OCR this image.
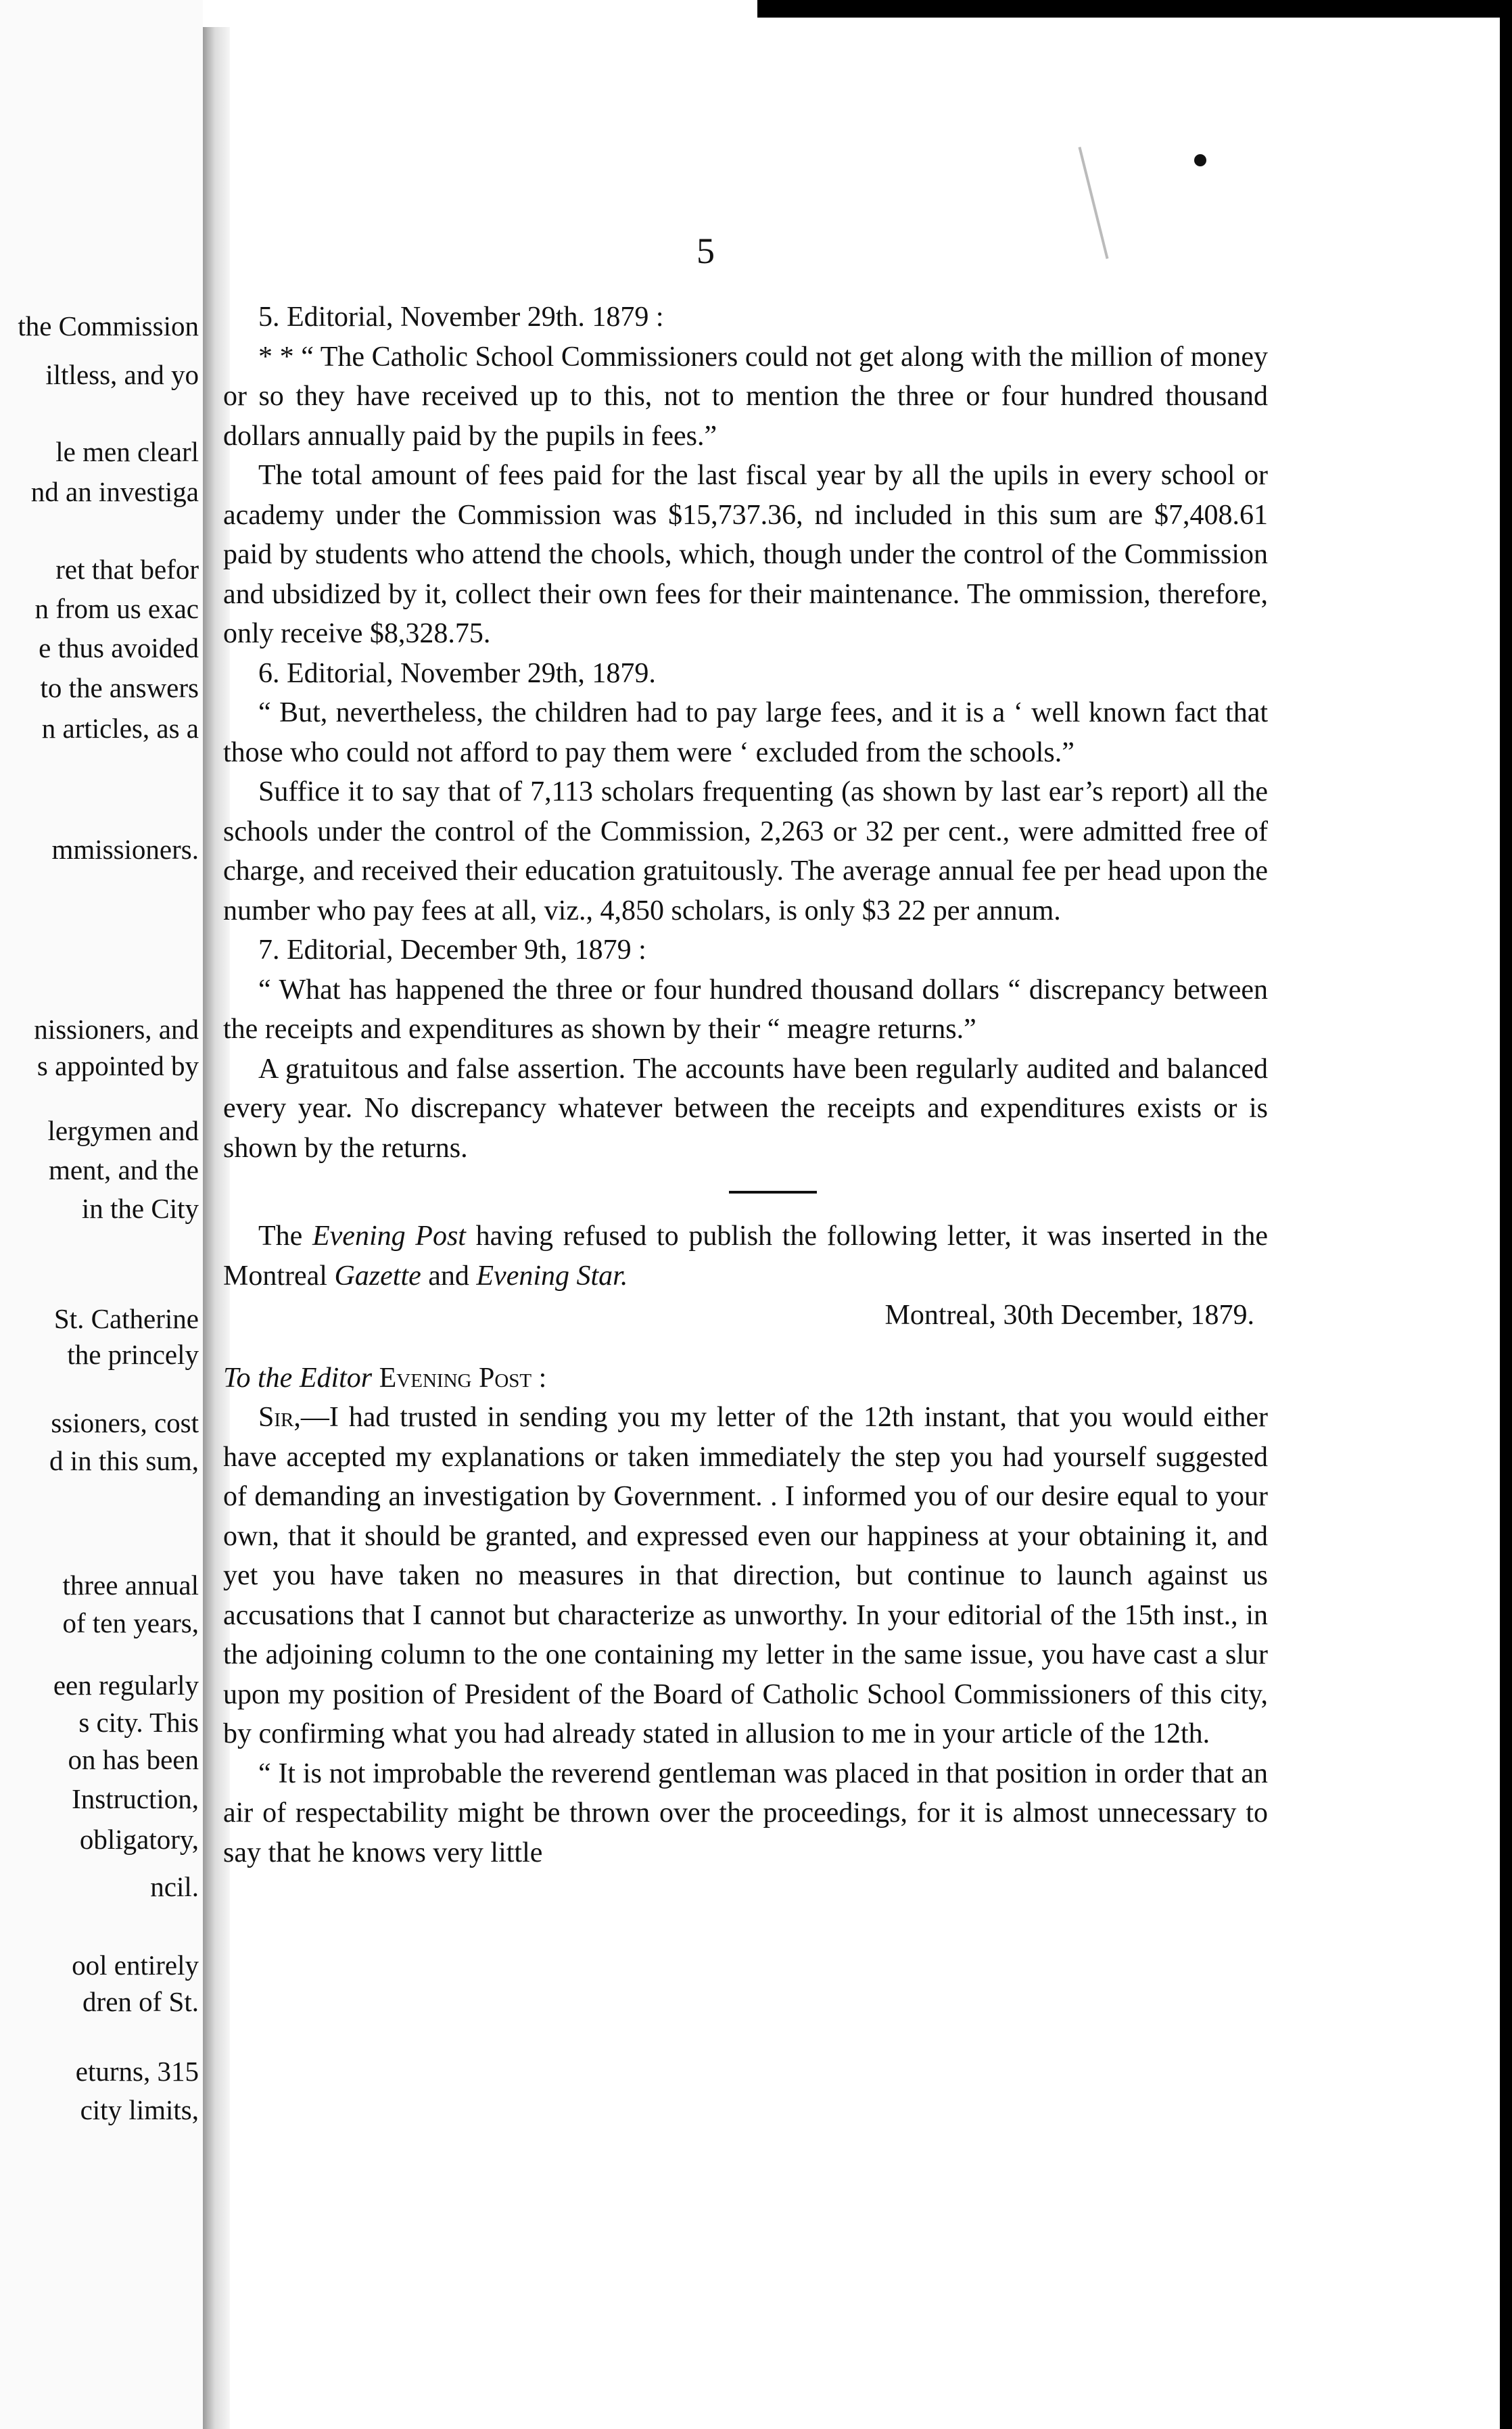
the Commission
iltless, and yo
le men clearl
nd an investiga
ret that befor
n from us exac
e thus avoided
to the answers
n articles, as a
mmissioners.
nissioners, and
s appointed by
lergymen and
ment, and the
in the City
St. Catherine
the princely
ssioners, cost
d in this sum,
three annual
of ten years,
een regularly
s city. This
on has been
Instruction,
obligatory,
ncil.
ool entirely
dren of St.
eturns, 315
city limits,

5

5. Editorial, November 29th. 1879 :

* * “ The Catholic School Commissioners could not get along with the million of money or so they have received up to this, not to mention the three or four hundred thousand dollars annually paid by the pupils in fees.”

The total amount of fees paid for the last fiscal year by all the upils in every school or academy under the Commission was $15,737.36, nd included in this sum are $7,408.61 paid by students who attend the chools, which, though under the control of the Commission and ubsidized by it, collect their own fees for their maintenance. The ommission, therefore, only receive $8,328.75.

6. Editorial, November 29th, 1879.

“ But, nevertheless, the children had to pay large fees, and it is a ‘ well known fact that those who could not afford to pay them were ‘ excluded from the schools.”

Suffice it to say that of 7,113 scholars frequenting (as shown by last ear’s report) all the schools under the control of the Commission, 2,263 or 32 per cent., were admitted free of charge, and received their education gratuitously. The average annual fee per head upon the number who pay fees at all, viz., 4,850 scholars, is only $3 22 per annum.

7. Editorial, December 9th, 1879 :

“ What has happened the three or four hundred thousand dollars “ discrepancy between the receipts and expenditures as shown by their “ meagre returns.”

A gratuitous and false assertion. The accounts have been regularly audited and balanced every year. No discrepancy whatever between the receipts and expenditures exists or is shown by the returns.

The Evening Post having refused to publish the following letter, it was inserted in the Montreal Gazette and Evening Star.

Montreal, 30th December, 1879.

To the Editor Evening Post :

Sir,—I had trusted in sending you my letter of the 12th instant, that you would either have accepted my explanations or taken immediately the step you had yourself suggested of demanding an investigation by Government. . I informed you of our desire equal to your own, that it should be granted, and expressed even our happiness at your obtaining it, and yet you have taken no measures in that direction, but continue to launch against us accusations that I cannot but characterize as unworthy. In your editorial of the 15th inst., in the adjoining column to the one containing my letter in the same issue, you have cast a slur upon my position of President of the Board of Catholic School Commissioners of this city, by confirming what you had already stated in allusion to me in your article of the 12th.

“ It is not improbable the reverend gentleman was placed in that position in order that an air of respectability might be thrown over the proceedings, for it is almost unnecessary to say that he knows very little
